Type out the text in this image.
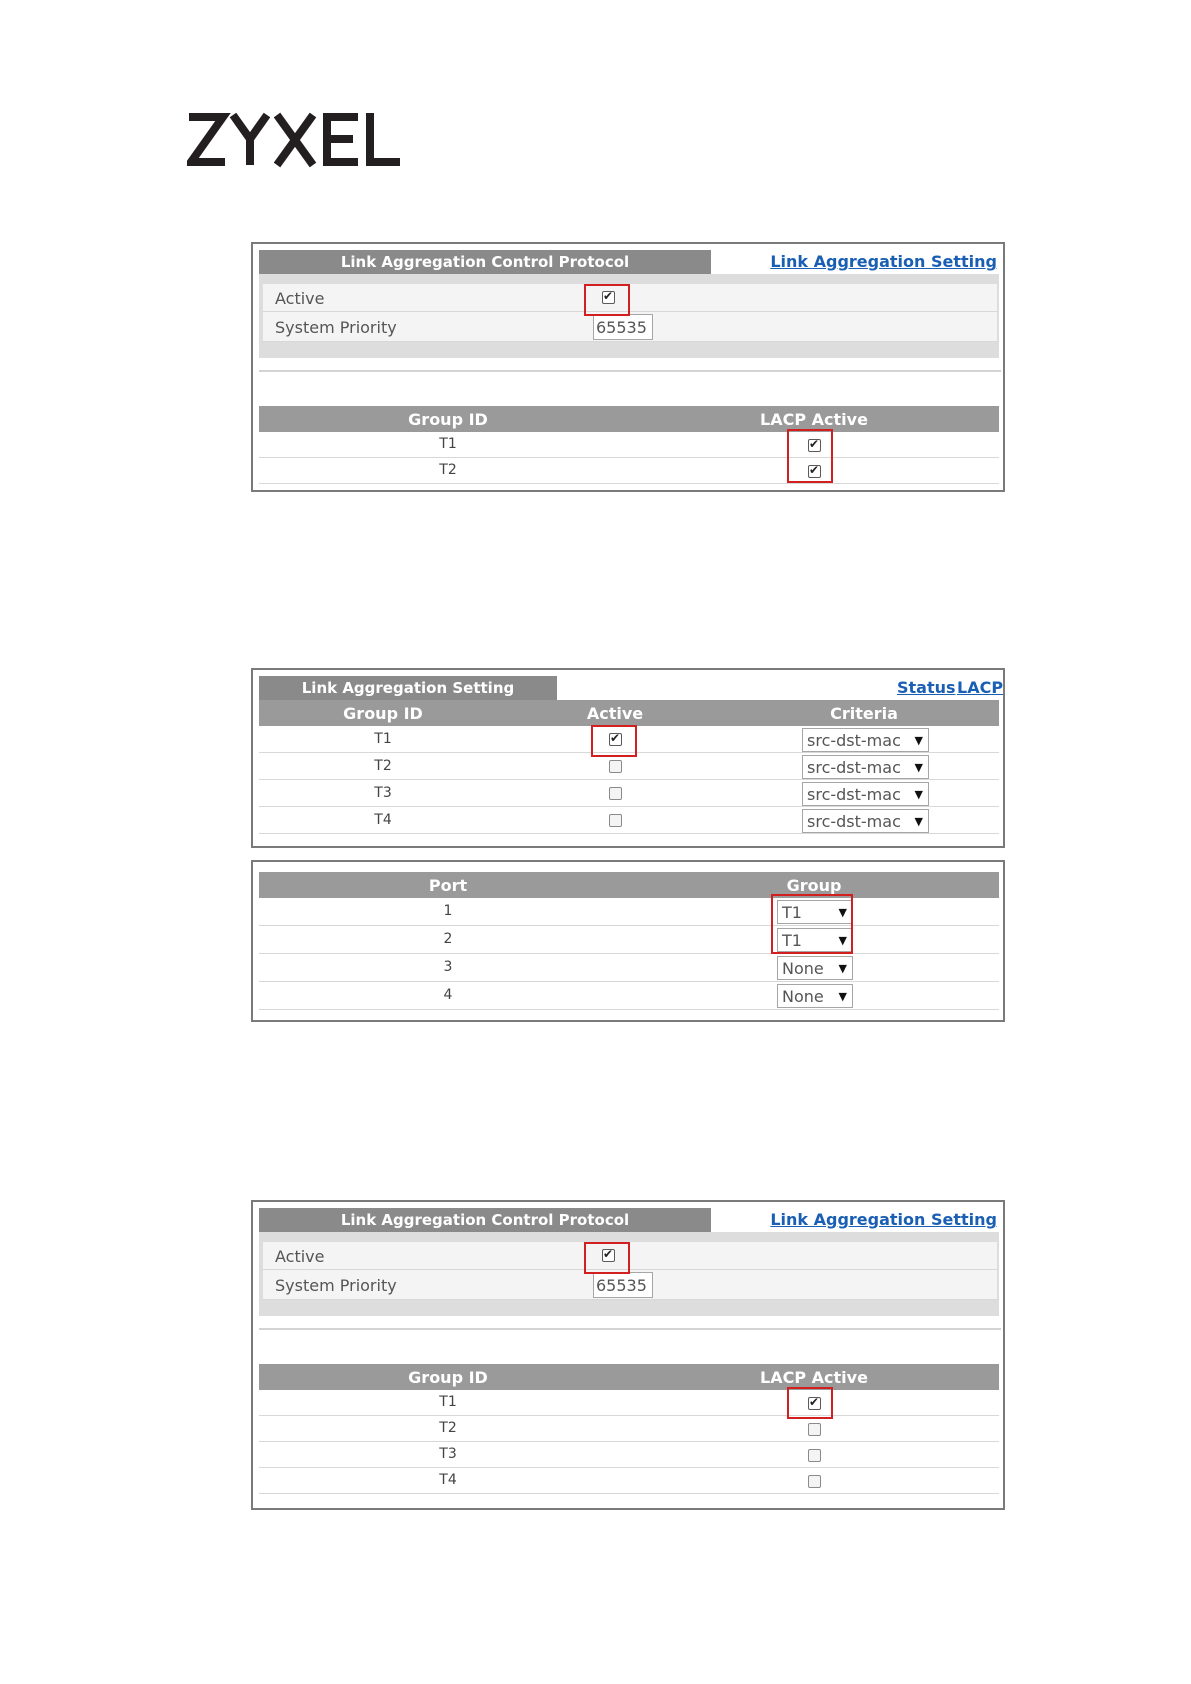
Link Aggregation Control Protocol	Link Aggregation Setting
Active
✔
System Priority	65535
Group ID	LACP Active
T1
✔
T2
✔
Link Aggregation Setting	Status LACP
Group ID	Active	Criteria
T1
✔	src-dst-mac ▼
T2	src-dst-mac ▼
T3	src-dst-mac ▼
T4	src-dst-mac ▼
Port	Group
1	T1	▼
2	T1	▼
3	None ▼
4	None ▼
Link Aggregation Control Protocol	Link Aggregation Setting
Active
✔
System Priority	65535
Group ID	LACP Active
T1
✔
T2
T3
T4
